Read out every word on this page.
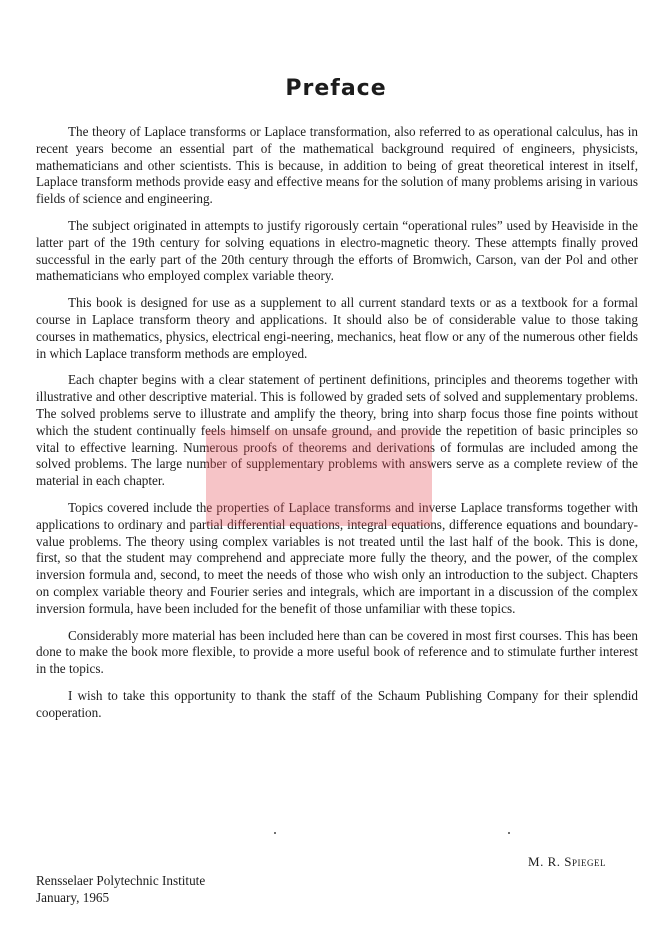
Preface

The theory of Laplace transforms or Laplace transformation, also referred to as operational calculus, has in recent years become an essential part of the mathematical background required of engineers, physicists, mathematicians and other scientists. This is because, in addition to being of great theoretical interest in itself, Laplace transform methods provide easy and effective means for the solution of many problems arising in various fields of science and engineering.

The subject originated in attempts to justify rigorously certain “operational rules” used by Heaviside in the latter part of the 19th century for solving equations in electro-magnetic theory. These attempts finally proved successful in the early part of the 20th century through the efforts of Bromwich, Carson, van der Pol and other mathematicians who employed complex variable theory.

This book is designed for use as a supplement to all current standard texts or as a textbook for a formal course in Laplace transform theory and applications. It should also be of considerable value to those taking courses in mathematics, physics, electrical engi-neering, mechanics, heat flow or any of the numerous other fields in which Laplace transform methods are employed.

Each chapter begins with a clear statement of pertinent definitions, principles and theorems together with illustrative and other descriptive material. This is followed by graded sets of solved and supplementary problems. The solved problems serve to illustrate and amplify the theory, bring into sharp focus those fine points without which the student continually feels himself on unsafe ground, and provide the repetition of basic principles so vital to effective learning. Numerous proofs of theorems and derivations of formulas are included among the solved problems. The large number of supplementary problems with answers serve as a complete review of the material in each chapter.

Topics covered include the properties of Laplace transforms and inverse Laplace transforms together with applications to ordinary and partial differential equations, integral equations, difference equations and boundary-value problems. The theory using complex variables is not treated until the last half of the book. This is done, first, so that the student may comprehend and appreciate more fully the theory, and the power, of the complex inversion formula and, second, to meet the needs of those who wish only an introduction to the subject. Chapters on complex variable theory and Fourier series and integrals, which are important in a discussion of the complex inversion formula, have been included for the benefit of those unfamiliar with these topics.

Considerably more material has been included here than can be covered in most first courses. This has been done to make the book more flexible, to provide a more useful book of reference and to stimulate further interest in the topics.

I wish to take this opportunity to thank the staff of the Schaum Publishing Company for their splendid cooperation.

M. R. Spiegel
Rensselaer Polytechnic Institute
January, 1965
